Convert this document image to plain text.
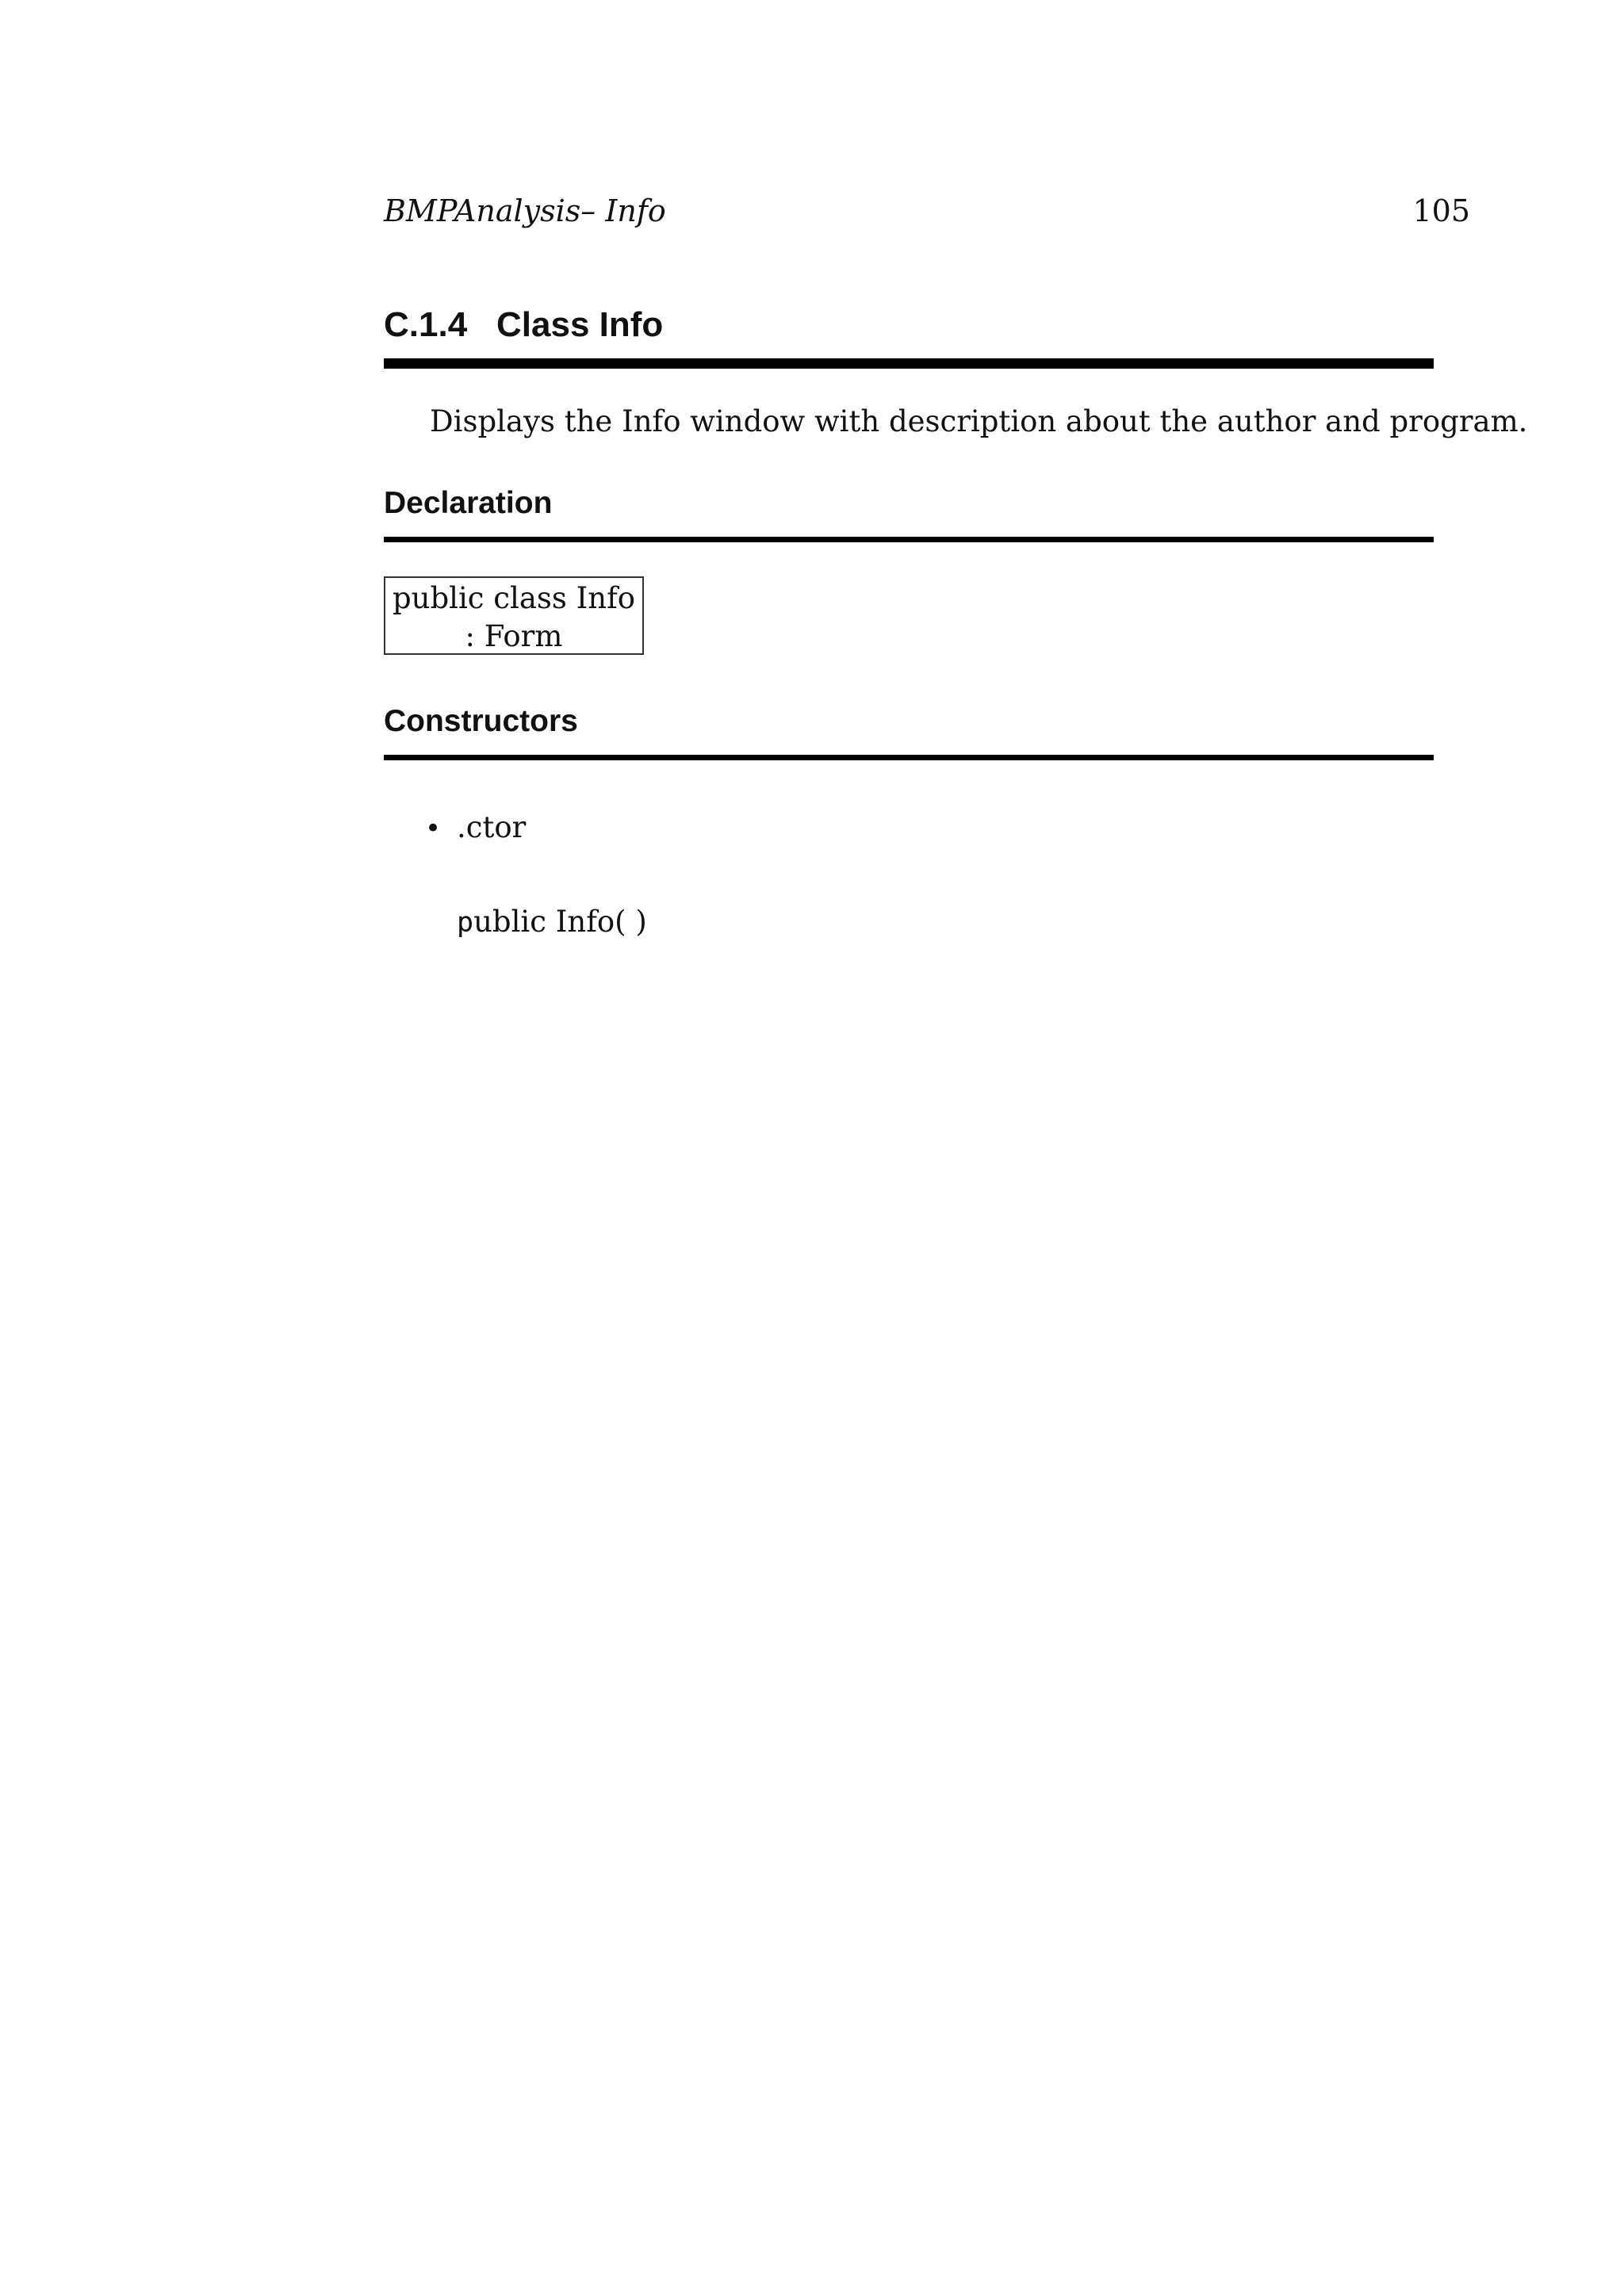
BMPAnalysis– Info	105
C.1.4 Class Info
Displays the Info window with description about the author and program.
Declaration
public class Info
: Form
Constructors
• .ctor
public Info( )
